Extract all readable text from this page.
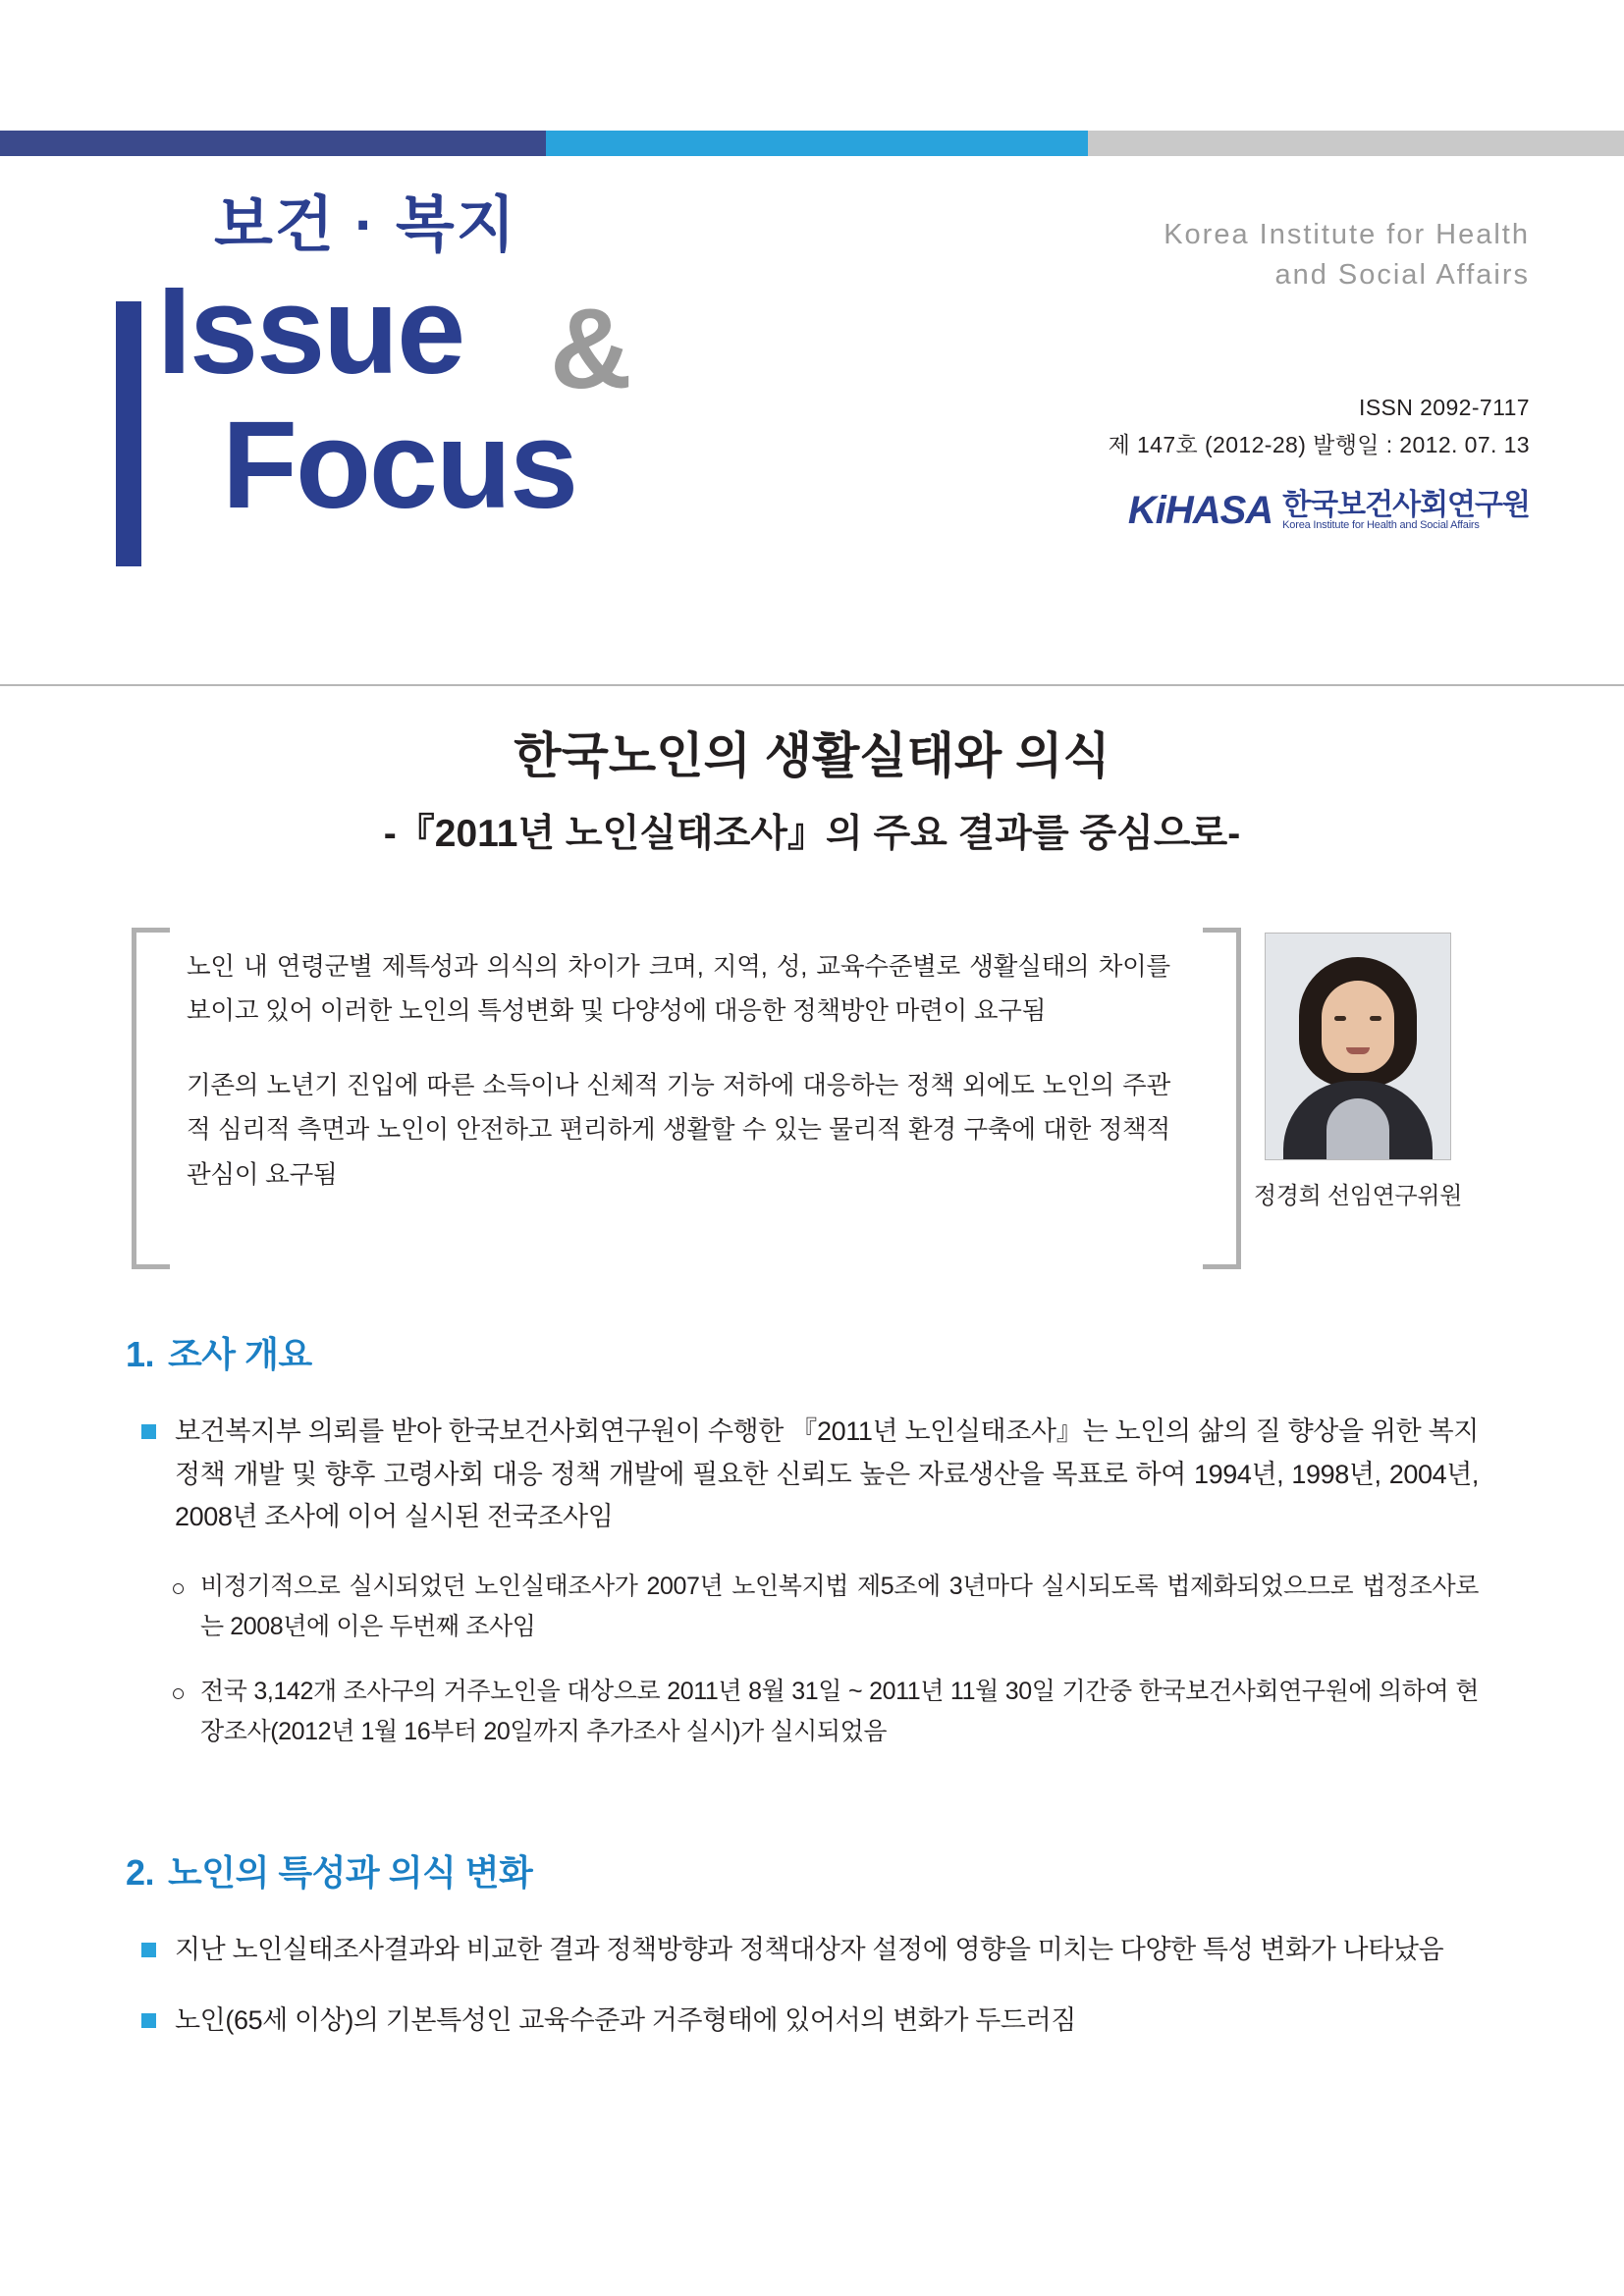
보건 · 복지
Issue &
Focus
Korea Institute for Health
and Social Affairs
ISSN 2092-7117
제 147호 (2012-28) 발행일 : 2012. 07. 13
KiHASA 한국보건사회연구원
Korea Institute for Health and Social Affairs
한국노인의 생활실태와 의식
-『2011년 노인실태조사』의 주요 결과를 중심으로-

노인 내 연령군별 제특성과 의식의 차이가 크며, 지역, 성, 교육수준별로 생활실태의 차이를 보이고 있어 이러한 노인의 특성변화 및 다양성에 대응한 정책방안 마련이 요구됨

기존의 노년기 진입에 따른 소득이나 신체적 기능 저하에 대응하는 정책 외에도 노인의 주관적 심리적 측면과 노인이 안전하고 편리하게 생활할 수 있는 물리적 환경 구축에 대한 정책적 관심이 요구됨

정경희 선임연구위원
1. 조사 개요
보건복지부 의뢰를 받아 한국보건사회연구원이 수행한 『2011년 노인실태조사』는 노인의 삶의 질 향상을 위한 복지정책 개발 및 향후 고령사회 대응 정책 개발에 필요한 신뢰도 높은 자료생산을 목표로 하여 1994년, 1998년, 2004년, 2008년 조사에 이어 실시된 전국조사임
○ 비정기적으로 실시되었던 노인실태조사가 2007년 노인복지법 제5조에 3년마다 실시되도록 법제화되었으므로 법정조사로는 2008년에 이은 두번째 조사임
○ 전국 3,142개 조사구의 거주노인을 대상으로 2011년 8월 31일 ~ 2011년 11월 30일 기간중 한국보건사회연구원에 의하여 현장조사(2012년 1월 16부터 20일까지 추가조사 실시)가 실시되었음
2. 노인의 특성과 의식 변화
지난 노인실태조사결과와 비교한 결과 정책방향과 정책대상자 설정에 영향을 미치는 다양한 특성 변화가 나타났음
노인(65세 이상)의 기본특성인 교육수준과 거주형태에 있어서의 변화가 두드러짐
